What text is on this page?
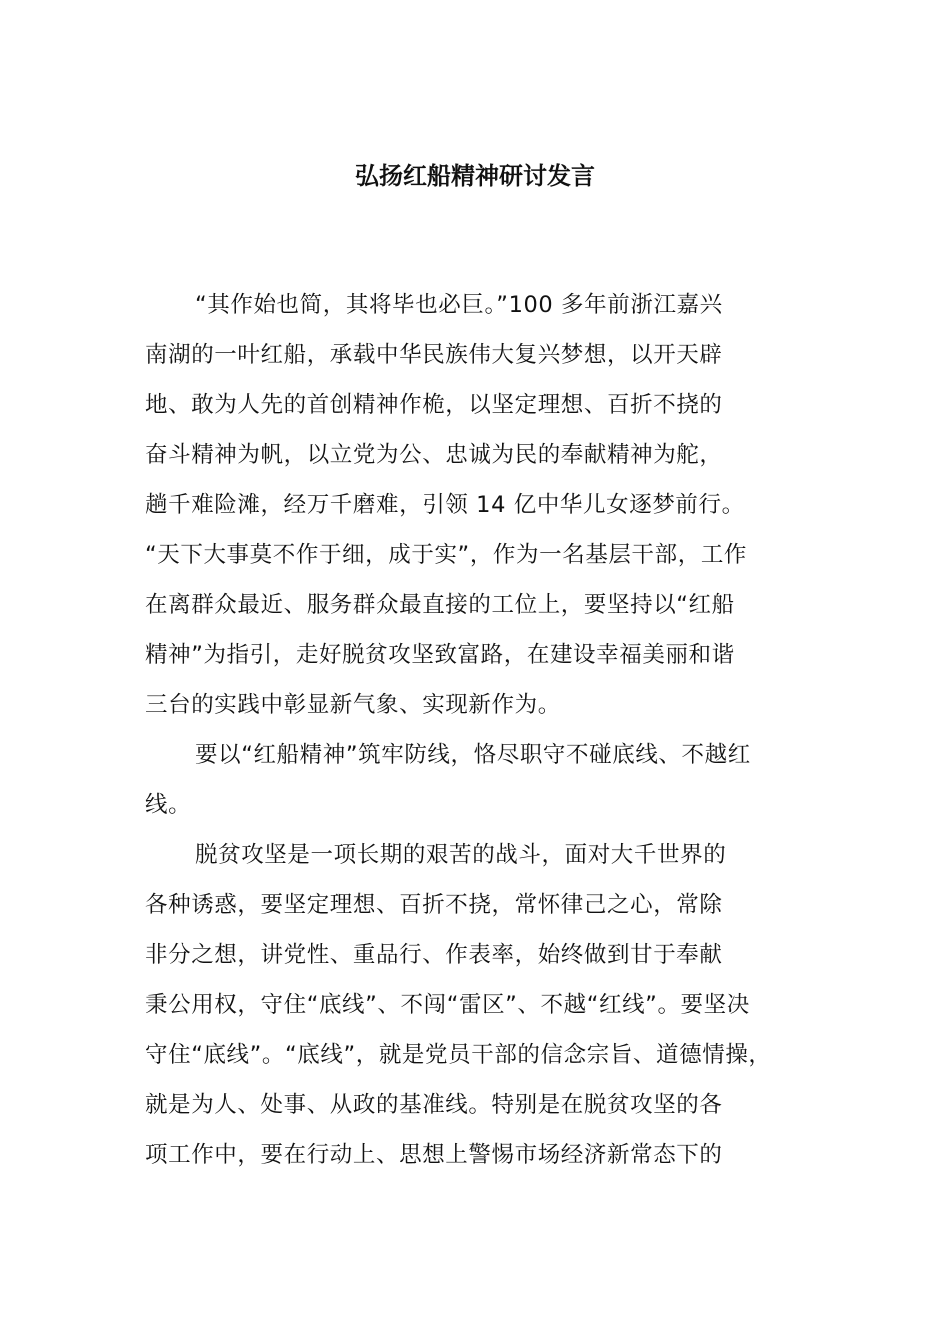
弘扬红船精神研讨发言
“其作始也简，其将毕也必巨。”100 多年前浙江嘉兴
南湖的一叶红船，承载中华民族伟大复兴梦想，以开天辟
地、敢为人先的首创精神作桅，以坚定理想、百折不挠的
奋斗精神为帆，以立党为公、忠诚为民的奉献精神为舵，
趟千难险滩，经万千磨难，引领 14 亿中华儿女逐梦前行。
“天下大事莫不作于细，成于实”，作为一名基层干部，工作
在离群众最近、服务群众最直接的工位上，要坚持以“红船
精神”为指引，走好脱贫攻坚致富路，在建设幸福美丽和谐
三台的实践中彰显新气象、实现新作为。
要以“红船精神”筑牢防线，恪尽职守不碰底线、不越红
线。
脱贫攻坚是一项长期的艰苦的战斗，面对大千世界的
各种诱惑，要坚定理想、百折不挠，常怀律己之心，常除
非分之想，讲党性、重品行、作表率，始终做到甘于奉献
秉公用权，守住“底线”、不闯“雷区”、不越“红线”。要坚决
守住“底线”。“底线”，就是党员干部的信念宗旨、道德情操，
就是为人、处事、从政的基准线。特别是在脱贫攻坚的各
项工作中，要在行动上、思想上警惕市场经济新常态下的
